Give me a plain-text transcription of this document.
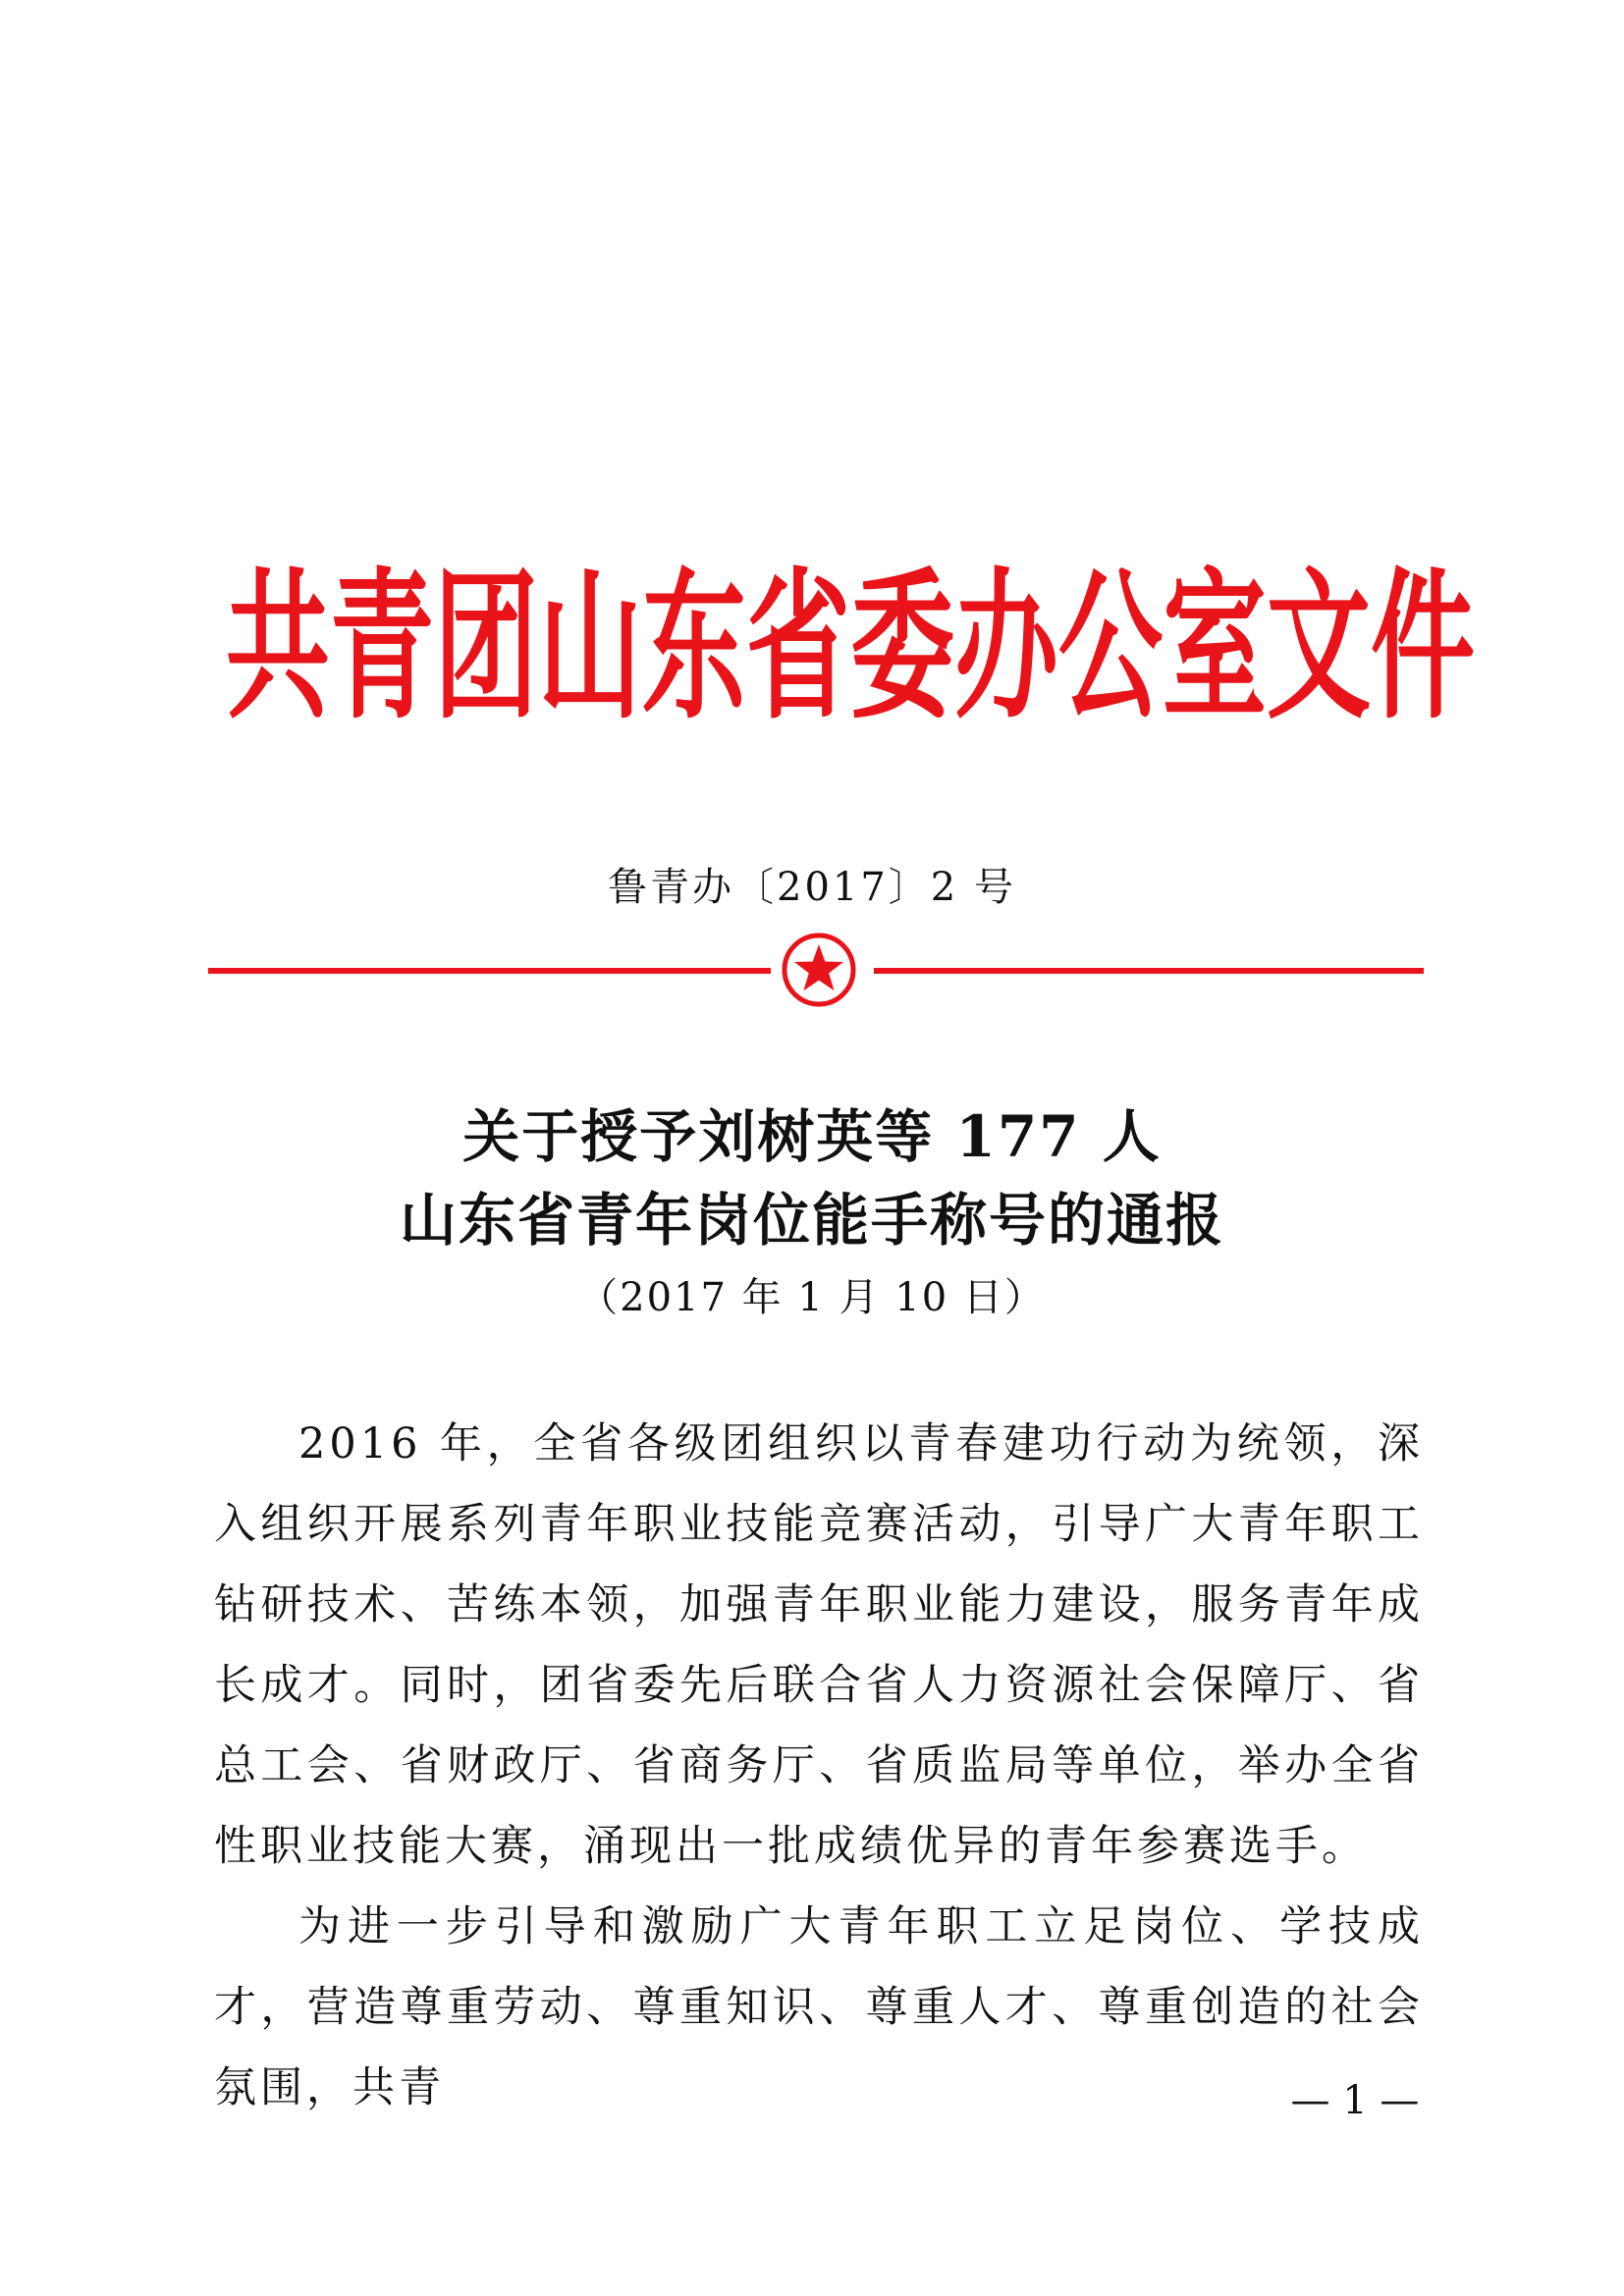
共青团山东省委办公室文件
鲁青办〔2017〕2 号
关于授予刘树英等 177 人
山东省青年岗位能手称号的通报
（2017 年 1 月 10 日）

2016 年，全省各级团组织以青春建功行动为统领，深入组织开展系列青年职业技能竞赛活动，引导广大青年职工钻研技术、苦练本领，加强青年职业能力建设，服务青年成长成才。同时，团省委先后联合省人力资源社会保障厅、省总工会、省财政厅、省商务厅、省质监局等单位，举办全省性职业技能大赛，涌现出一批成绩优异的青年参赛选手。

为进一步引导和激励广大青年职工立足岗位、学技成才，营造尊重劳动、尊重知识、尊重人才、尊重创造的社会氛围，共青	— 1 —
